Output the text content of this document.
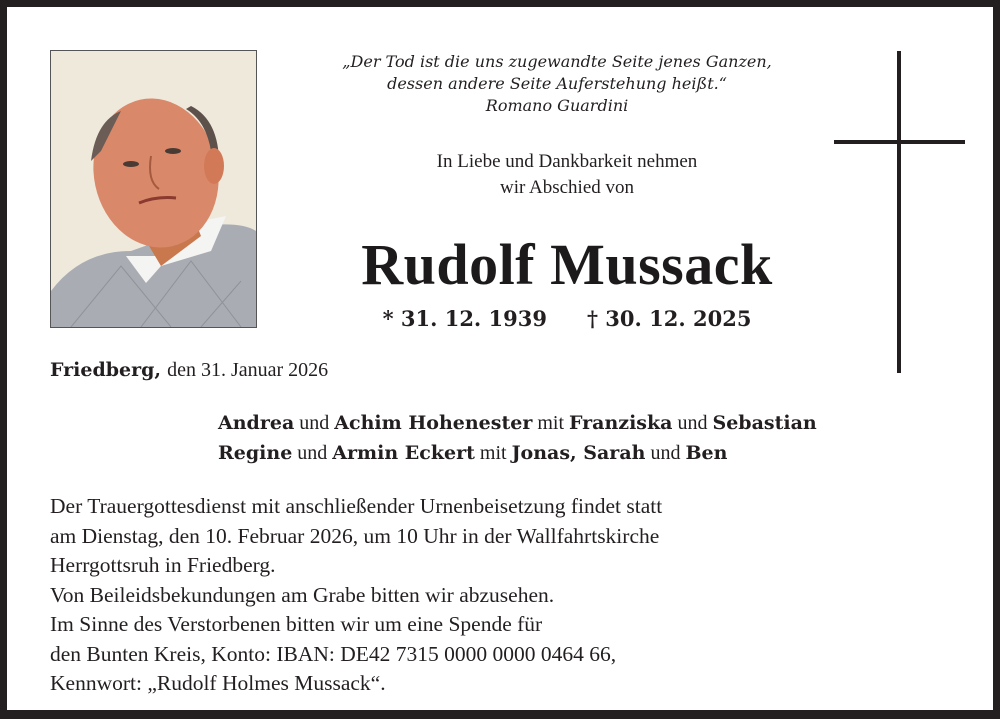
„Der Tod ist die uns zugewandte Seite jenes Ganzen,
dessen andere Seite Auferstehung heißt.“
Romano Guardini
In Liebe und Dankbarkeit nehmen
wir Abschied von
Rudolf Mussack
* 31. 12. 1939 † 30. 12. 2025
Friedberg, den 31. Januar 2026
Andrea und Achim Hohenester mit Franziska und Sebastian
Regine und Armin Eckert mit Jonas, Sarah und Ben
Der Trauergottesdienst mit anschließender Urnenbeisetzung findet statt
am Dienstag, den 10. Februar 2026, um 10 Uhr in der Wallfahrtskirche
Herrgottsruh in Friedberg.
Von Beileidsbekundungen am Grabe bitten wir abzusehen.
Im Sinne des Verstorbenen bitten wir um eine Spende für
den Bunten Kreis, Konto: IBAN: DE42 7315 0000 0000 0464 66,
Kennwort: „Rudolf Holmes Mussack“.
